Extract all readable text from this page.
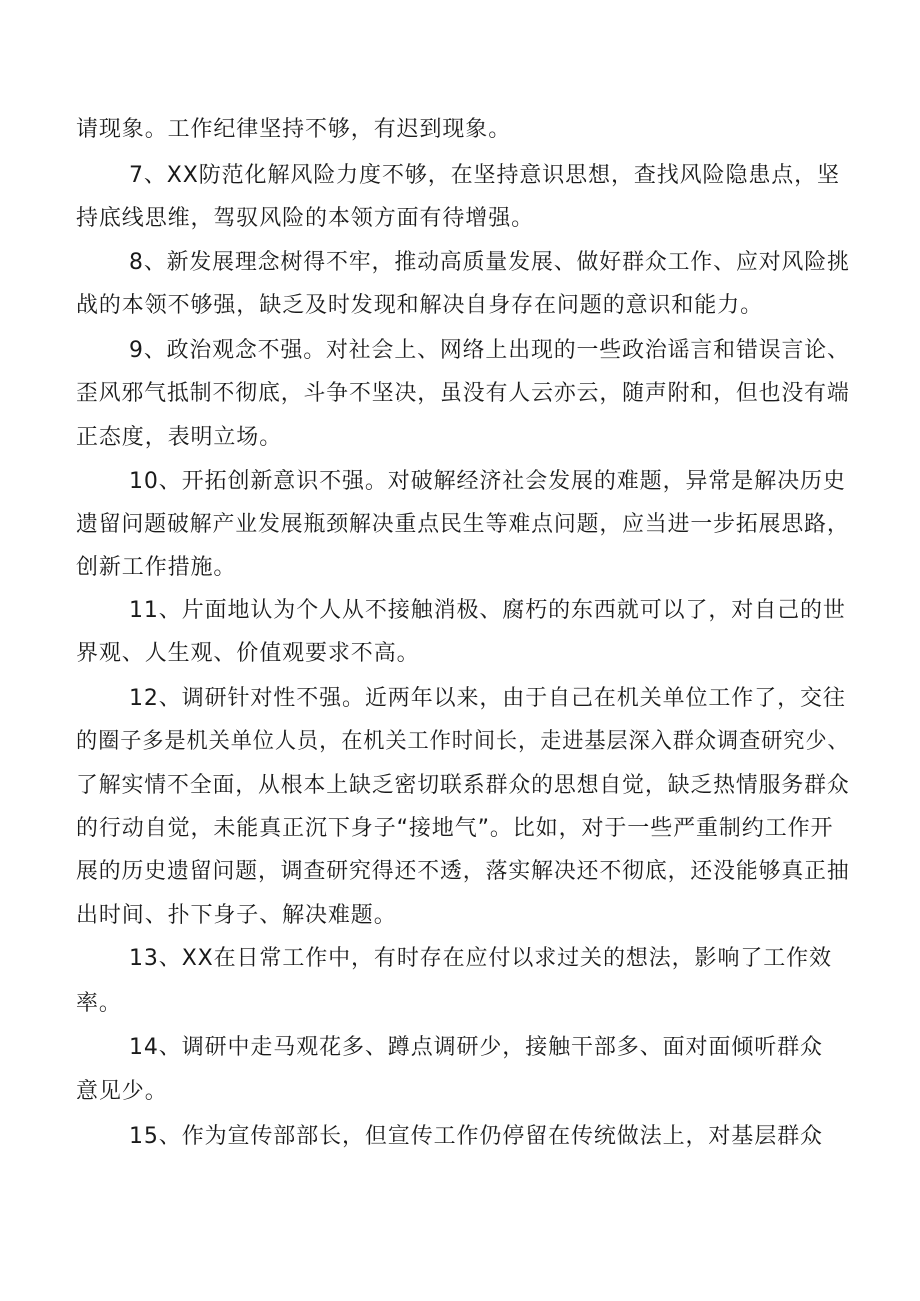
请现象。工作纪律坚持不够，有迟到现象。
7、XX防范化解风险力度不够，在坚持意识思想，查找风险隐患点，坚
持底线思维，驾驭风险的本领方面有待增强。
8、新发展理念树得不牢，推动高质量发展、做好群众工作、应对风险挑
战的本领不够强，缺乏及时发现和解决自身存在问题的意识和能力。
9、政治观念不强。对社会上、网络上出现的一些政治谣言和错误言论、
歪风邪气抵制不彻底，斗争不坚决，虽没有人云亦云，随声附和，但也没有端
正态度，表明立场。
10、开拓创新意识不强。对破解经济社会发展的难题，异常是解决历史
遗留问题破解产业发展瓶颈解决重点民生等难点问题，应当进一步拓展思路，
创新工作措施。
11、片面地认为个人从不接触消极、腐朽的东西就可以了，对自己的世
界观、人生观、价值观要求不高。
12、调研针对性不强。近两年以来，由于自己在机关单位工作了，交往
的圈子多是机关单位人员，在机关工作时间长，走进基层深入群众调查研究少、
了解实情不全面，从根本上缺乏密切联系群众的思想自觉，缺乏热情服务群众
的行动自觉，未能真正沉下身子“接地气”。比如，对于一些严重制约工作开
展的历史遗留问题，调查研究得还不透，落实解决还不彻底，还没能够真正抽
出时间、扑下身子、解决难题。
13、XX在日常工作中，有时存在应付以求过关的想法，影响了工作效
率。
14、调研中走马观花多、蹲点调研少，接触干部多、面对面倾听群众
意见少。
15、作为宣传部部长，但宣传工作仍停留在传统做法上，对基层群众
